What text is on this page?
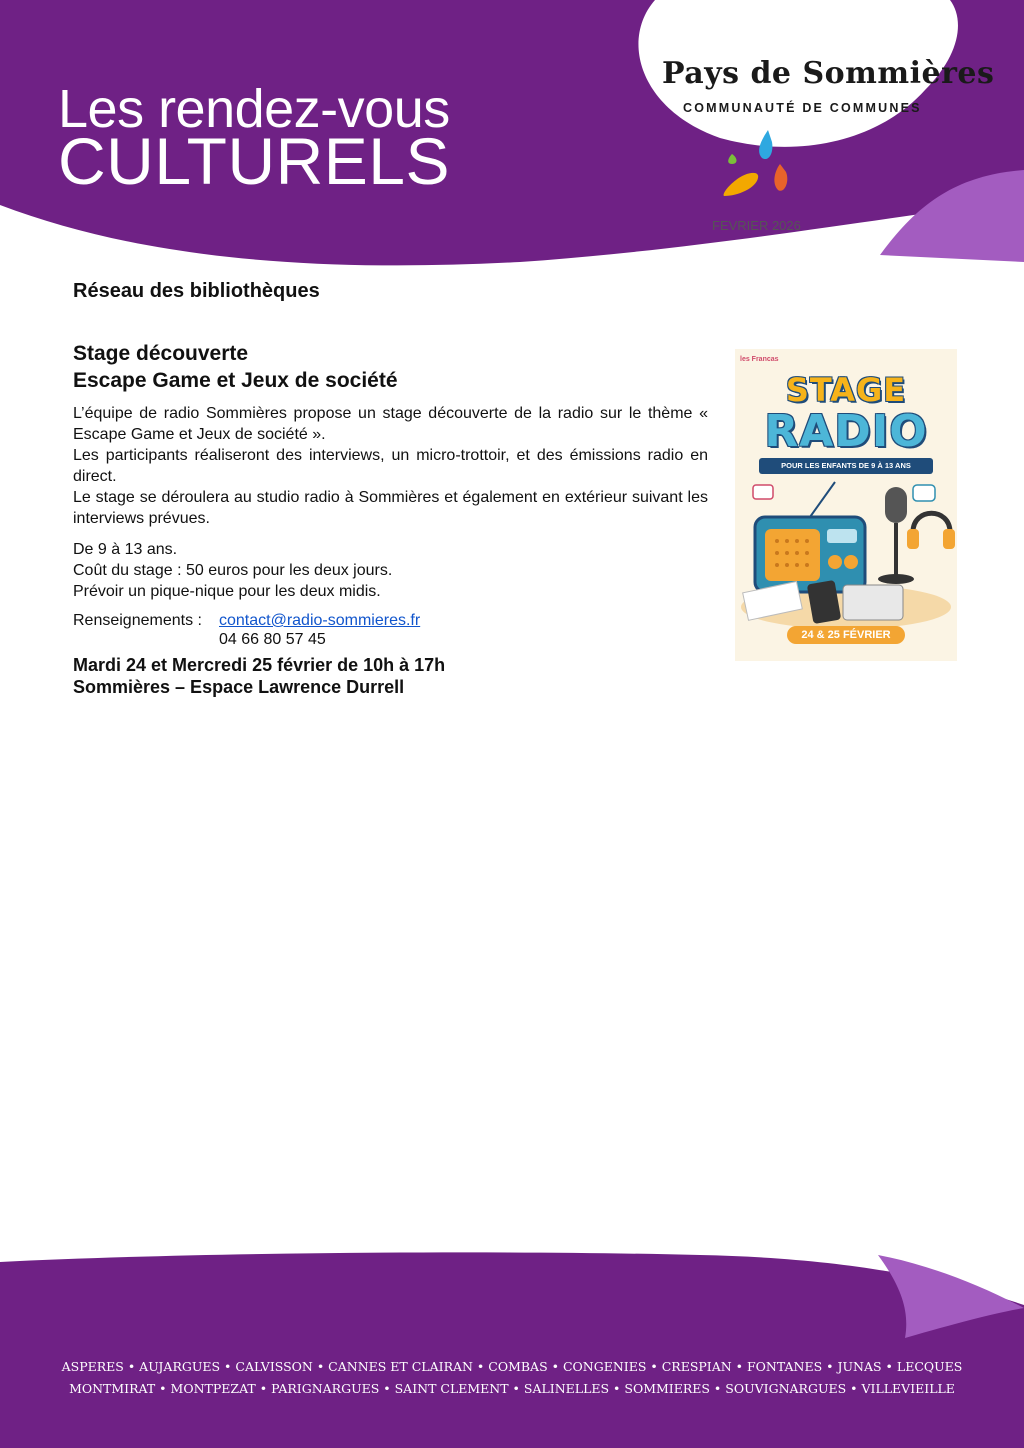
Les rendez-vous
CULTURELS
Pays de Sommières
COMMUNAUTÉ DE COMMUNES
FEVRIER 2026
Réseau des bibliothèques
Stage découverte
Escape Game et Jeux de société

L’équipe de radio Sommières propose un stage découverte de la radio sur le thème « Escape Game et Jeux de société ».

Les participants réaliseront des interviews, un micro-trottoir, et des émissions radio en direct.

Le stage se déroulera au studio radio à Sommières et également en extérieur suivant les interviews prévues.

De 9 à 13 ans.

Coût du stage : 50 euros pour les deux jours.

Prévoir un pique-nique pour les deux midis.

Renseignements :	contact@radio-sommieres.fr
04 66 80 57 45
Mardi 24 et Mercredi 25 février de 10h à 17h
Sommières – Espace Lawrence Durrell
les Francas
STAGE
RADIO
POUR LES ENFANTS DE 9 À 13 ANS
24 & 25 FÉVRIER
ASPERES • AUJARGUES • CALVISSON • CANNES ET CLAIRAN • COMBAS • CONGENIES • CRESPIAN • FONTANES • JUNAS • LECQUES
MONTMIRAT • MONTPEZAT • PARIGNARGUES • SAINT CLEMENT • SALINELLES • SOMMIERES • SOUVIGNARGUES • VILLEVIEILLE
